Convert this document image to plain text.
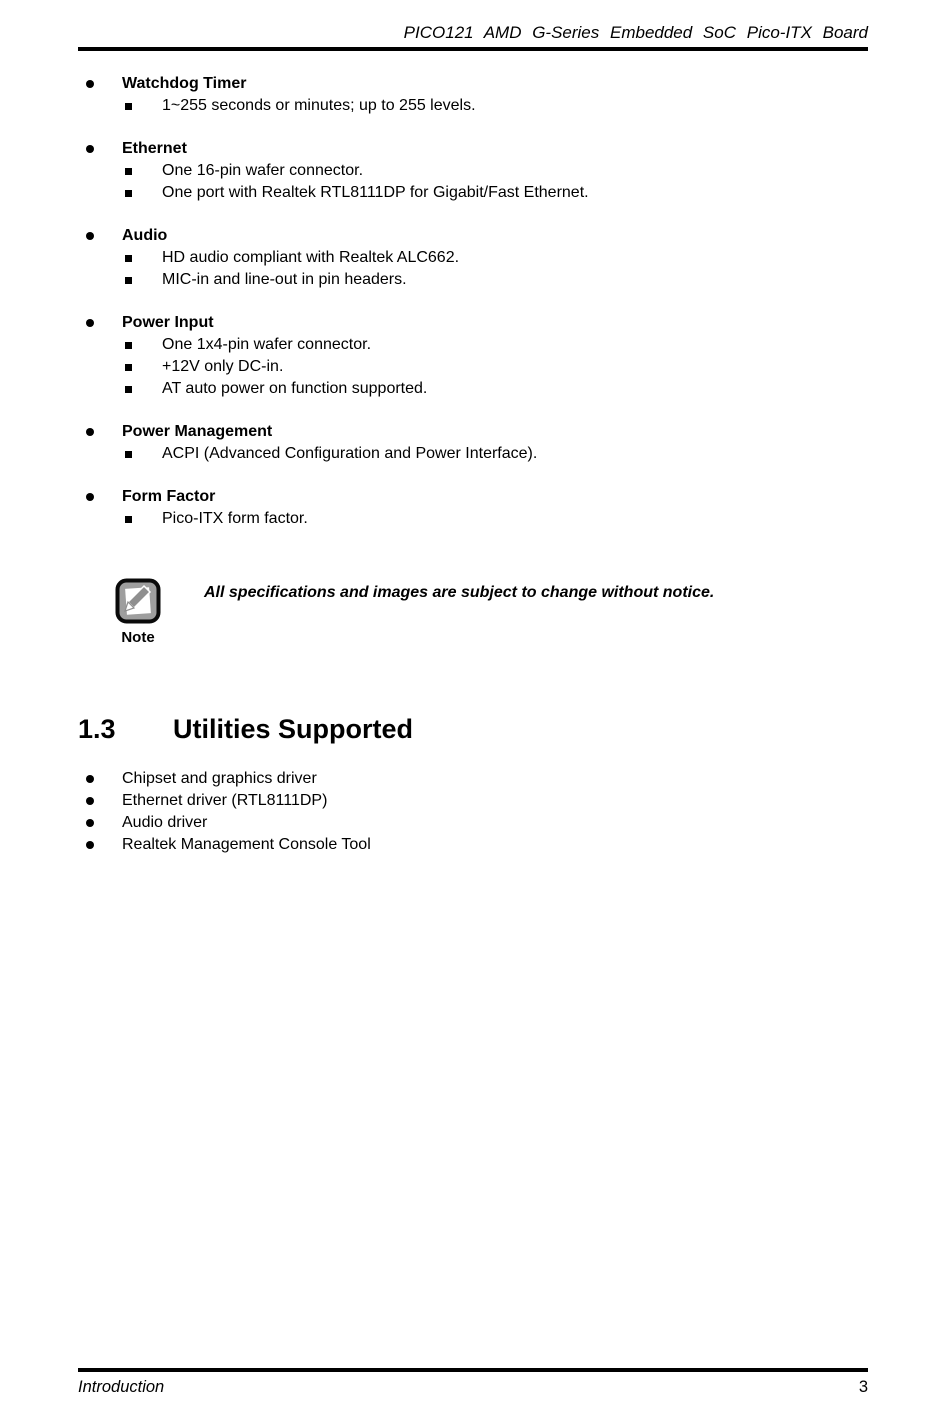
PICO121 AMD G-Series Embedded SoC Pico-ITX Board
Watchdog Timer
1~255 seconds or minutes; up to 255 levels.
Ethernet
One 16-pin wafer connector.
One port with Realtek RTL8111DP for Gigabit/Fast Ethernet.
Audio
HD audio compliant with Realtek ALC662.
MIC-in and line-out in pin headers.
Power Input
One 1x4-pin wafer connector.
+12V only DC-in.
AT auto power on function supported.
Power Management
ACPI (Advanced Configuration and Power Interface).
Form Factor
Pico-ITX form factor.
Note
All specifications and images are subject to change without notice.
1.3	Utilities Supported
Chipset and graphics driver
Ethernet driver (RTL8111DP)
Audio driver
Realtek Management Console Tool
Introduction	3
